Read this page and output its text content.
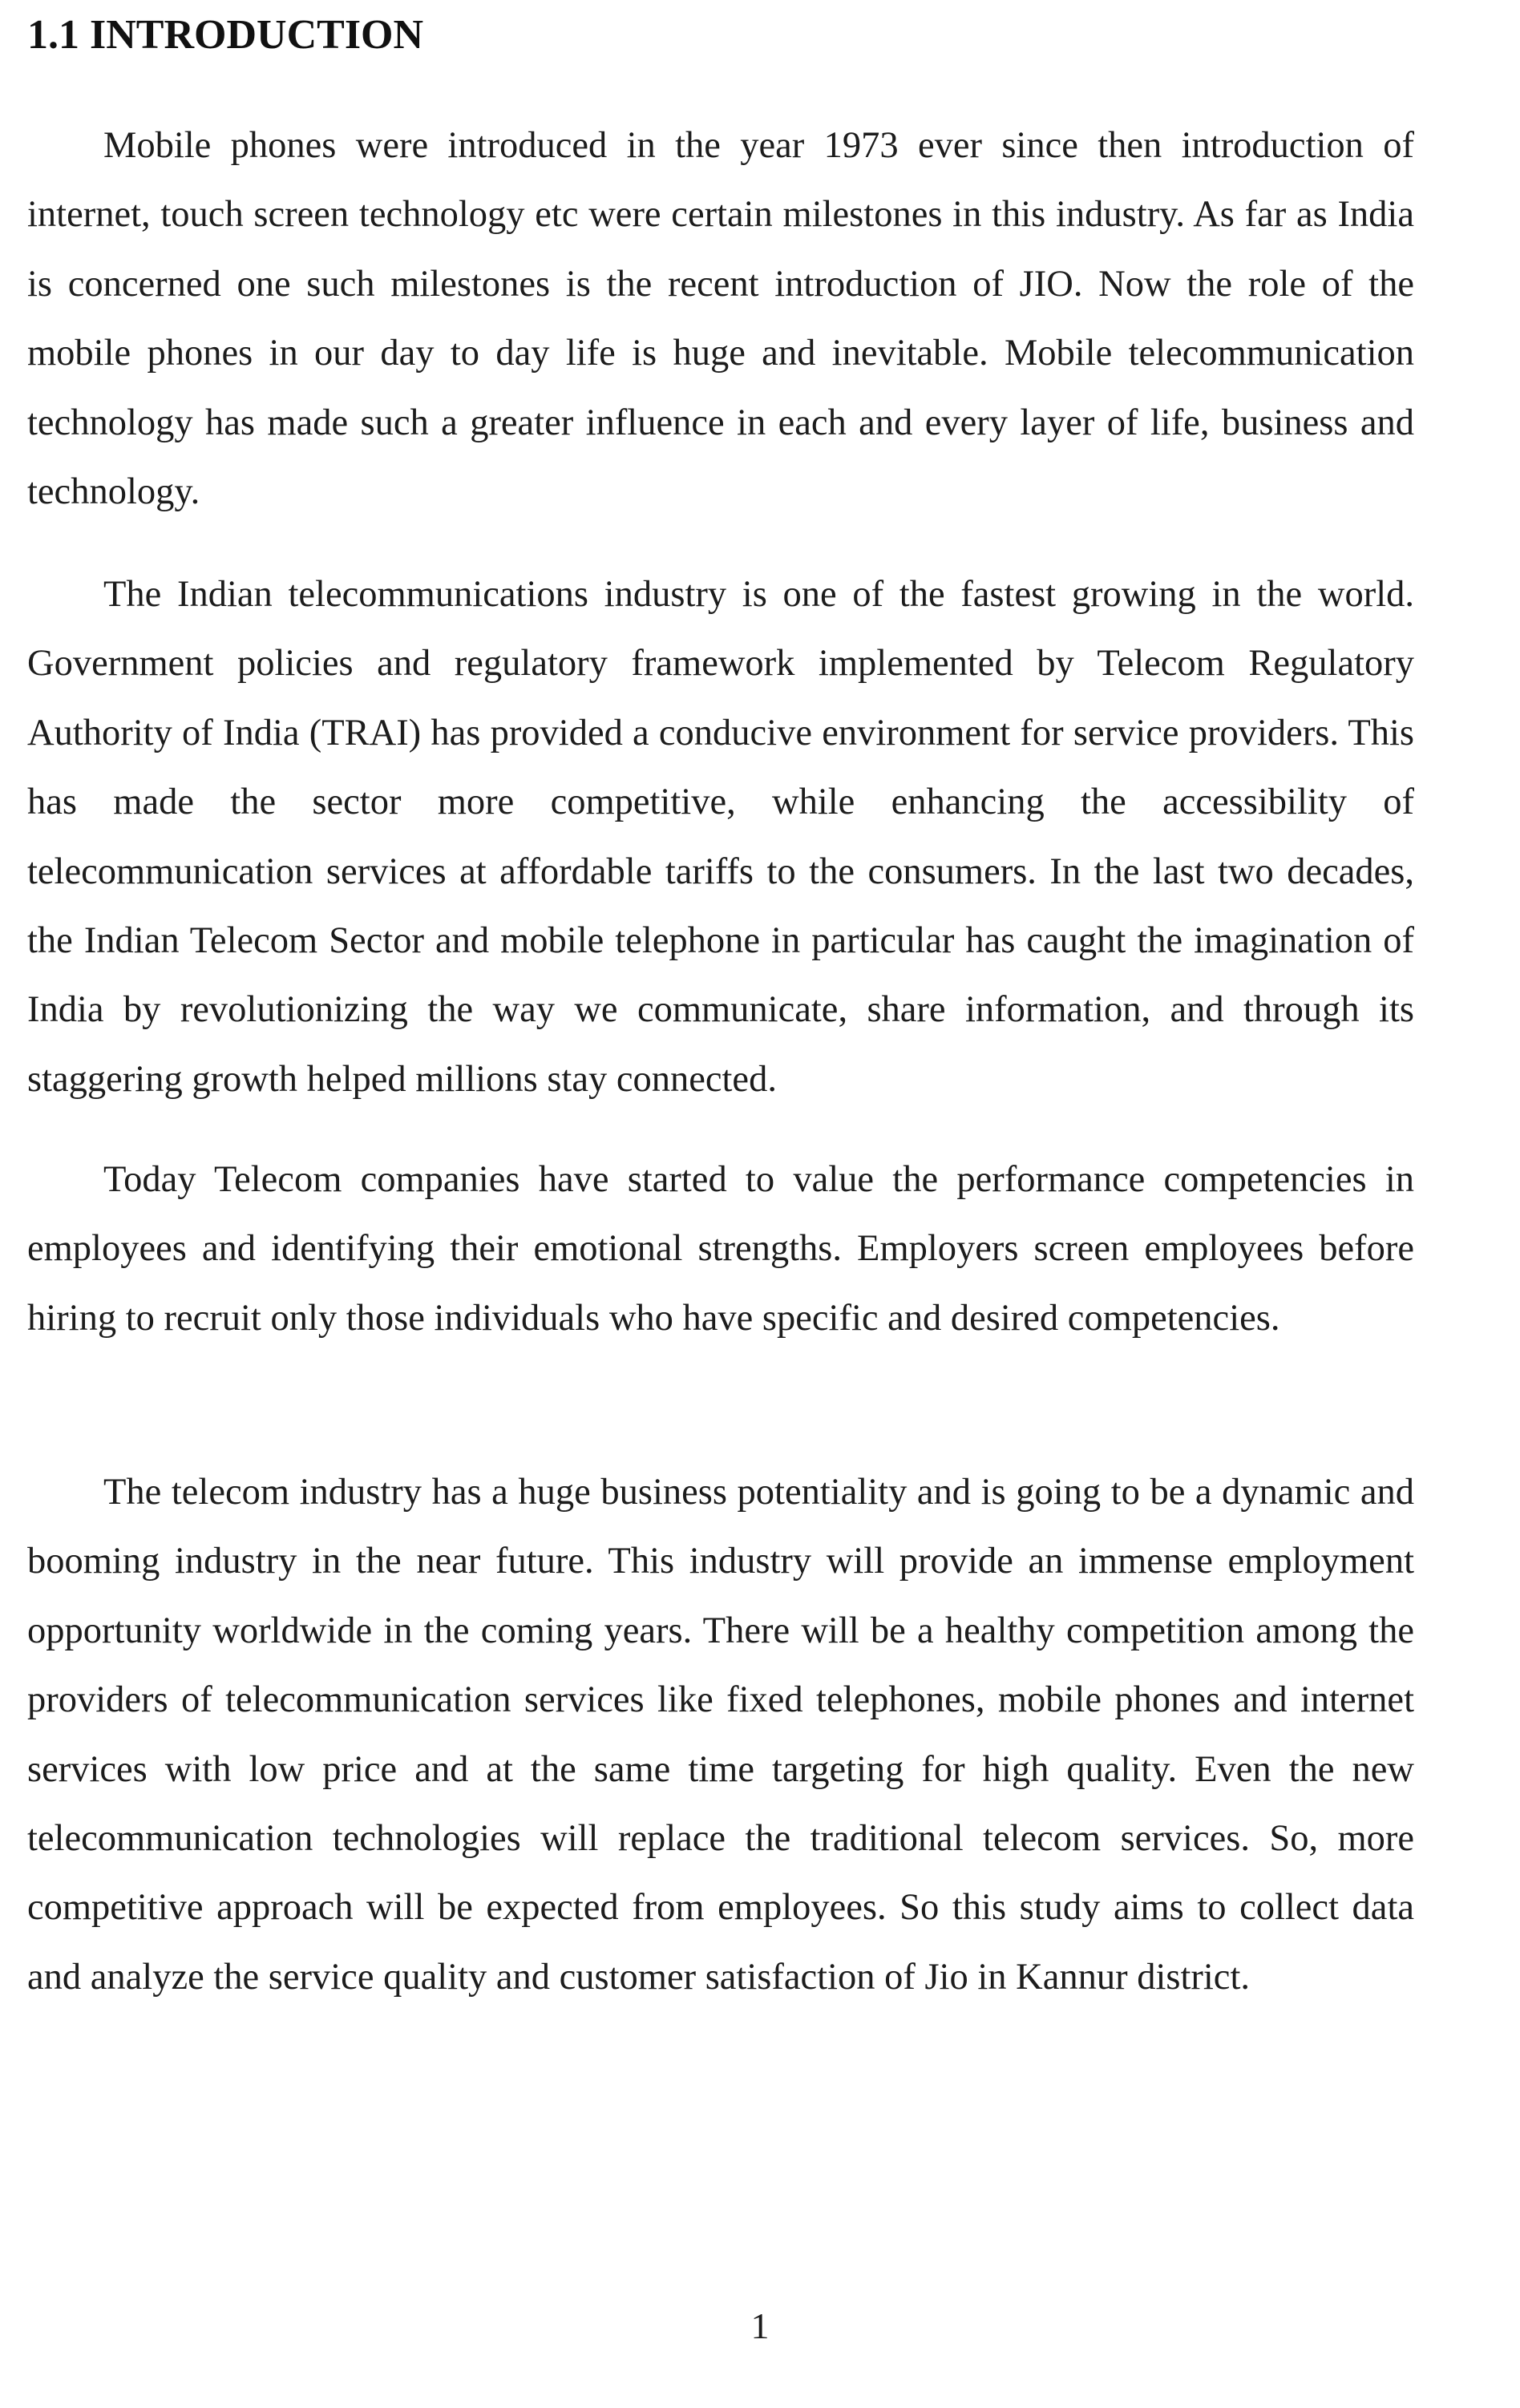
1.1 INTRODUCTION

Mobile phones were introduced in the year 1973 ever since then introduction of internet, touch screen technology etc were certain milestones in this industry. As far as India is concerned one such milestones is the recent introduction of JIO. Now the role of the mobile phones in our day to day life is huge and inevitable. Mobile telecommunication technology has made such a greater influence in each and every layer of life, business and technology.

The Indian telecommunications industry is one of the fastest growing in the world. Government policies and regulatory framework implemented by Telecom Regulatory Authority of India (TRAI) has provided a conducive environment for service providers. This has made the sector more competitive, while enhancing the accessibility of telecommunication services at affordable tariffs to the consumers. In the last two decades, the Indian Telecom Sector and mobile telephone in particular has caught the imagination of India by revolutionizing the way we communicate, share information, and through its staggering growth helped millions stay connected.

Today Telecom companies have started to value the performance competencies in employees and identifying their emotional strengths. Employers screen employees before hiring to recruit only those individuals who have specific and desired competencies.

The telecom industry has a huge business potentiality and is going to be a dynamic and booming industry in the near future. This industry will provide an immense employment opportunity worldwide in the coming years. There will be a healthy competition among the providers of telecommunication services like fixed telephones, mobile phones and internet services with low price and at the same time targeting for high quality. Even the new telecommunication technologies will replace the traditional telecom services. So, more competitive approach will be expected from employees. So this study aims to collect data and analyze the service quality and customer satisfaction of Jio in Kannur district.

1
